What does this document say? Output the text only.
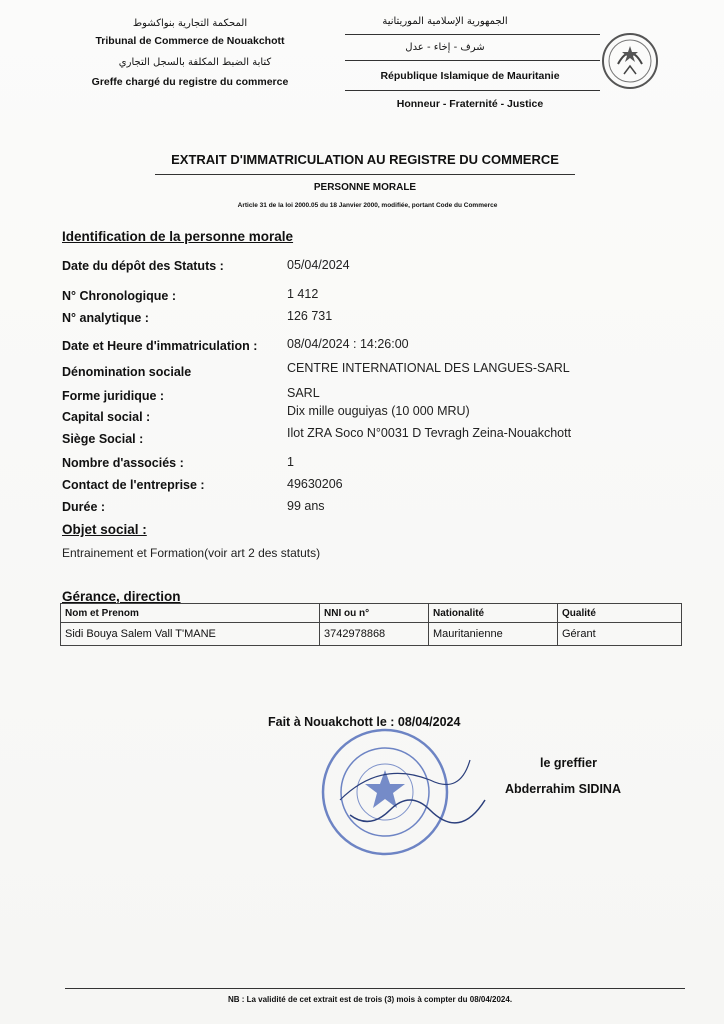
المحكمة التجارية بنواكشوط
Tribunal de Commerce de Nouakchott
كتابة الضبط المكلفة بالسجل التجاري
Greffe chargé du registre du commerce
الجمهورية الإسلامية الموريتانية
شرف - إخاء - عدل
République Islamique de Mauritanie
Honneur - Fraternité - Justice
EXTRAIT D'IMMATRICULATION AU REGISTRE DU COMMERCE
PERSONNE MORALE
Article 31 de la loi 2000.05 du 18 Janvier 2000, modifiée, portant Code du Commerce
Identification de la personne morale
Date du dépôt des Statuts :	05/04/2024
N° Chronologique :	1 412
N° analytique :	126 731
Date et Heure d'immatriculation : 08/04/2024 : 14:26:00
Dénomination sociale	CENTRE INTERNATIONAL DES LANGUES-SARL
Forme juridique :	SARL
Capital social :	Dix mille ouguiyas (10 000 MRU)
Siège Social :	Ilot ZRA Soco N°0031 D Tevragh Zeina-Nouakchott
Nombre d'associés :	1
Contact de l'entreprise :	49630206
Durée :	99 ans
Objet social :
Entrainement et Formation(voir art 2 des statuts)
Gérance, direction
Nom et Prenom	NNI ou n°	Nationalité	Qualité
Sidi Bouya Salem Vall T'MANE	3742978868	Mauritanienne	Gérant
Fait à Nouakchott le : 08/04/2024
le greffier
Abderrahim SIDINA
NB : La validité de cet extrait est de trois (3) mois à compter du 08/04/2024.
